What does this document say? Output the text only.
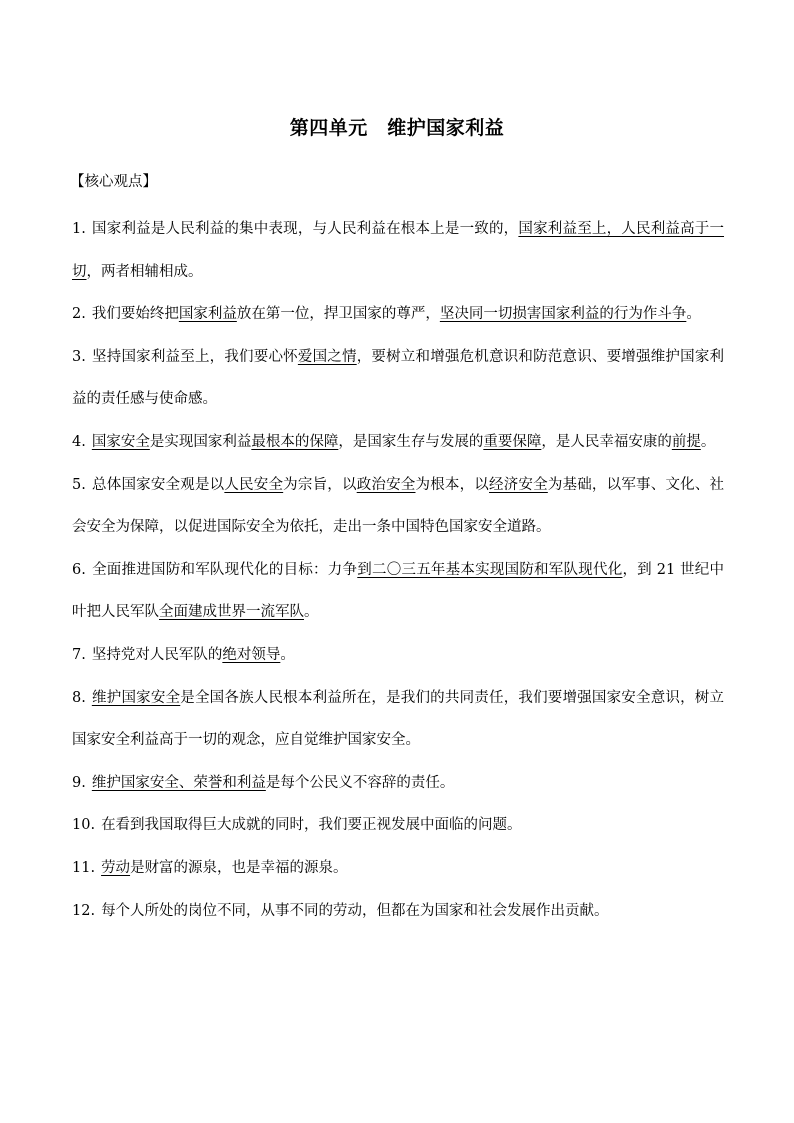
第四单元　维护国家利益
【核心观点】

1. 国家利益是人民利益的集中表现，与人民利益在根本上是一致的，国家利益至上，人民利益高于一切，两者相辅相成。

2. 我们要始终把国家利益放在第一位，捍卫国家的尊严，坚决同一切损害国家利益的行为作斗争。

3. 坚持国家利益至上，我们要心怀爱国之情，要树立和增强危机意识和防范意识、要增强维护国家利益的责任感与使命感。

4. 国家安全是实现国家利益最根本的保障，是国家生存与发展的重要保障，是人民幸福安康的前提。

5. 总体国家安全观是以人民安全为宗旨，以政治安全为根本，以经济安全为基础，以军事、文化、社会安全为保障，以促进国际安全为依托，走出一条中国特色国家安全道路。

6. 全面推进国防和军队现代化的目标：力争到二〇三五年基本实现国防和军队现代化，到 21 世纪中叶把人民军队全面建成世界一流军队。

7. 坚持党对人民军队的绝对领导。

8. 维护国家安全是全国各族人民根本利益所在，是我们的共同责任，我们要增强国家安全意识，树立国家安全利益高于一切的观念，应自觉维护国家安全。

9. 维护国家安全、荣誉和利益是每个公民义不容辞的责任。

10. 在看到我国取得巨大成就的同时，我们要正视发展中面临的问题。

11. 劳动是财富的源泉，也是幸福的源泉。

12. 每个人所处的岗位不同，从事不同的劳动，但都在为国家和社会发展作出贡献。
